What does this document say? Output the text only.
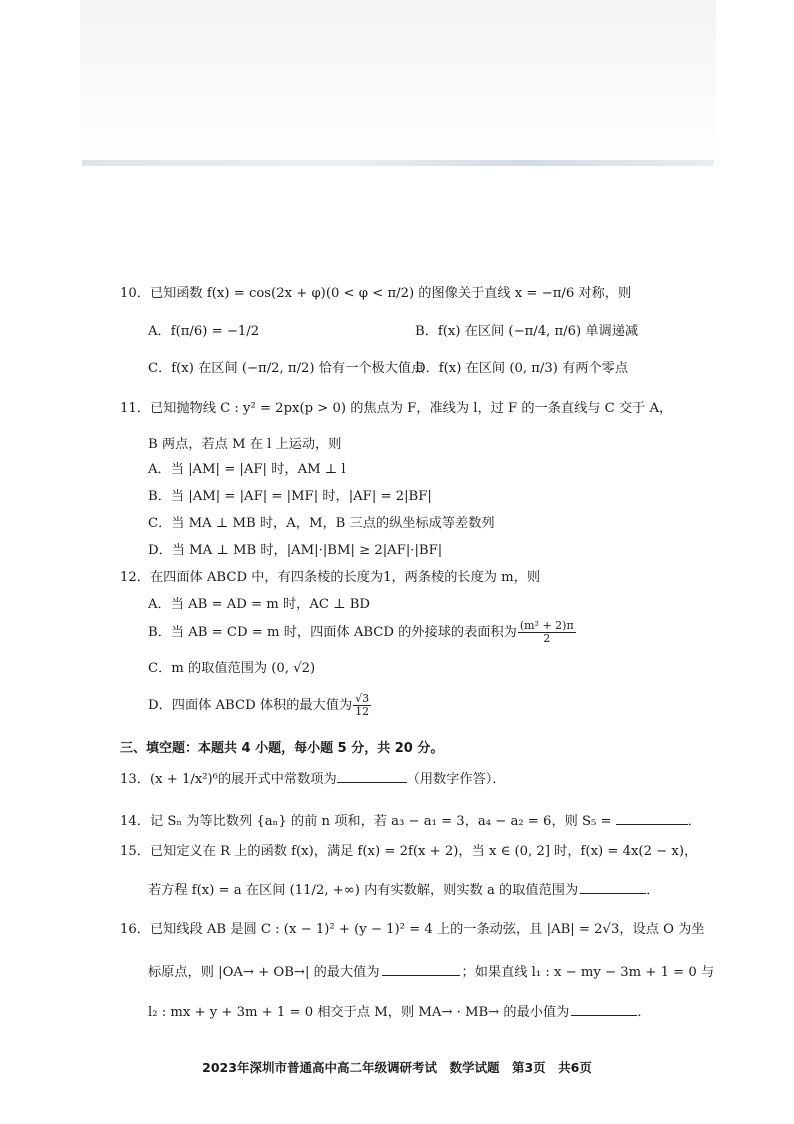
10．已知函数 f(x) = cos(2x + φ)(0 < φ < π/2) 的图像关于直线 x = −π/6 对称，则
A．f(π/6) = −1/2	B．f(x) 在区间 (−π/4, π/6) 单调递减
C．f(x) 在区间 (−π/2, π/2) 恰有一个极大值点
D．f(x) 在区间 (0, π/3) 有两个零点
11．已知抛物线 C : y² = 2px(p > 0) 的焦点为 F，准线为 l，过 F 的一条直线与 C 交于 A，
B 两点，若点 M 在 l 上运动，则
A．当 |AM| = |AF| 时，AM ⊥ l
B．当 |AM| = |AF| = |MF| 时，|AF| = 2|BF|
C．当 MA ⊥ MB 时，A，M，B 三点的纵坐标成等差数列
D．当 MA ⊥ MB 时，|AM|·|BM| ≥ 2|AF|·|BF|
12．在四面体 ABCD 中，有四条棱的长度为1，两条棱的长度为 m，则
A．当 AB = AD = m 时，AC ⊥ BD
B．当 AB = CD = m 时，四面体 ABCD 的外接球的表面积为 $\frac{\text{(m² + 2)π}}{2}$
C．m 的取值范围为 (0, √2)
D．四面体 ABCD 体积的最大值为 $\frac{√3}{12}$
三、填空题：本题共 4 小题，每小题 5 分，共 20 分。
13．(x + 1/x²)⁶的展开式中常数项为	（用数字作答）．
14．记 Sₙ 为等比数列 {aₙ} 的前 n 项和，若 a₃ − a₁ = 3，a₄ − a₂ = 6，则 S₅ =	．
15．已知定义在 R 上的函数 f(x)，满足 f(x) = 2f(x + 2)，当 x ∈ (0, 2] 时，f(x) = 4x(2 − x)，
若方程 f(x) = a 在区间 (11/2, +∞) 内有实数解，则实数 a 的取值范围为	．
16．已知线段 AB 是圆 C : (x − 1)² + (y − 1)² = 4 上的一条动弦，且 |AB| = 2√3，设点 O 为坐
标原点，则 |OA→ + OB→| 的最大值为	；如果直线 l₁ : x − my − 3m + 1 = 0 与
l₂ : mx + y + 3m + 1 = 0 相交于点 M，则 MA→ · MB→ 的最小值为	．
2023年深圳市普通高中高二年级调研考试　数学试题　第3页　共6页
